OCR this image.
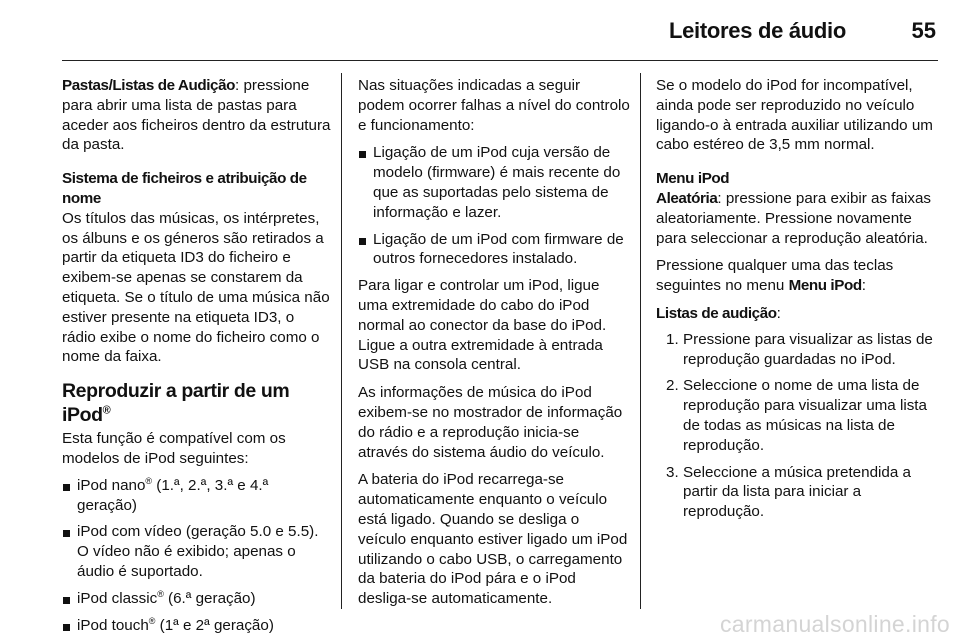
Leitores de áudio	55

Pastas/Listas de Audição: pressione para abrir uma lista de pastas para aceder aos ficheiros dentro da estrutura da pasta.

Sistema de ficheiros e atribuição de nome
Os títulos das músicas, os intérpretes, os álbuns e os géneros são retirados a partir da etiqueta ID3 do ficheiro e exibem-se apenas se constarem da etiqueta. Se o título de uma música não estiver presente na etiqueta ID3, o rádio exibe o nome do ficheiro como o nome da faixa.

Reproduzir a partir de um iPod®

Esta função é compatível com os modelos de iPod seguintes:

iPod nano® (1.ª, 2.ª, 3.ª e 4.ª geração)
iPod com vídeo (geração 5.0 e 5.5). O vídeo não é exibido; apenas o áudio é suportado.
iPod classic® (6.ª geração)
iPod touch® (1ª e 2ª geração)

Nas situações indicadas a seguir podem ocorrer falhas a nível do controlo e funcionamento:

Ligação de um iPod cuja versão de modelo (firmware) é mais recente do que as suportadas pelo sistema de informação e lazer.
Ligação de um iPod com firmware de outros fornecedores instalado.

Para ligar e controlar um iPod, ligue uma extremidade do cabo do iPod normal ao conector da base do iPod. Ligue a outra extremidade à entrada USB na consola central.

As informações de música do iPod exibem-se no mostrador de informação do rádio e a reprodução inicia-se através do sistema áudio do veículo.

A bateria do iPod recarrega-se automaticamente enquanto o veículo está ligado. Quando se desliga o veículo enquanto estiver ligado um iPod utilizando o cabo USB, o carregamento da bateria do iPod pára e o iPod desliga-se automaticamente.

Se o modelo do iPod for incompatível, ainda pode ser reproduzido no veículo ligando-o à entrada auxiliar utilizando um cabo estéreo de 3,5 mm normal.

Menu iPod
Aleatória: pressione para exibir as faixas aleatoriamente. Pressione novamente para seleccionar a reprodução aleatória.

Pressione qualquer uma das teclas seguintes no menu Menu iPod:

Listas de audição:

1. Pressione para visualizar as listas de reprodução guardadas no iPod.
2. Seleccione o nome de uma lista de reprodução para visualizar uma lista de todas as músicas na lista de reprodução.
3. Seleccione a música pretendida a partir da lista para iniciar a reprodução.
carmanualsonline.info
